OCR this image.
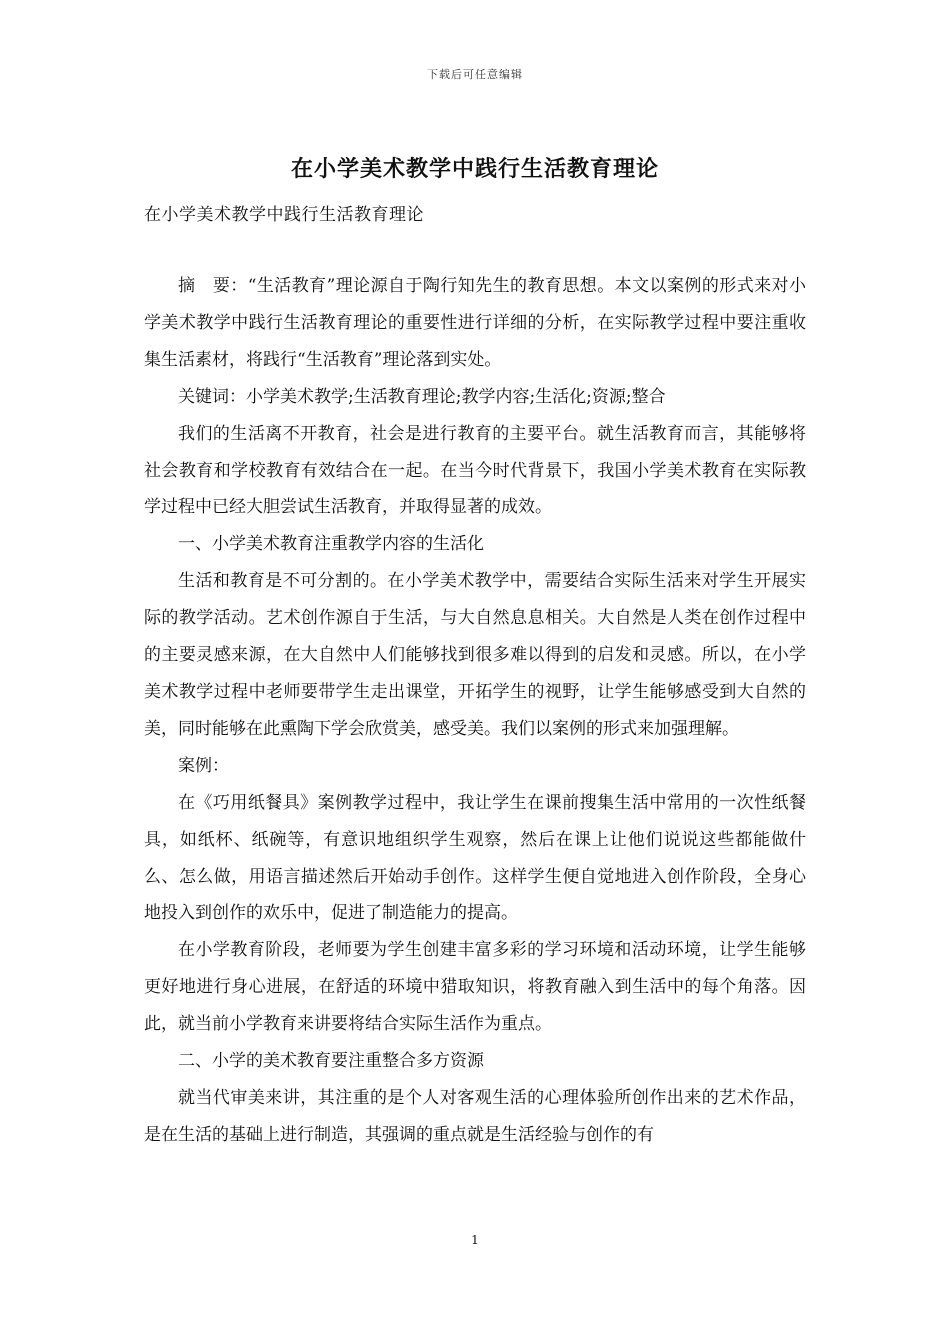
下载后可任意编辑
在小学美术教学中践行生活教育理论
在小学美术教学中践行生活教育理论

摘　要：“生活教育”理论源自于陶行知先生的教育思想。本文以案例的形式来对小学美术教学中践行生活教育理论的重要性进行详细的分析，在实际教学过程中要注重收集生活素材，将践行“生活教育”理论落到实处。

关键词：小学美术教学;生活教育理论;教学内容;生活化;资源;整合

我们的生活离不开教育，社会是进行教育的主要平台。就生活教育而言，其能够将社会教育和学校教育有效结合在一起。在当今时代背景下，我国小学美术教育在实际教学过程中已经大胆尝试生活教育，并取得显著的成效。

一、小学美术教育注重教学内容的生活化

生活和教育是不可分割的。在小学美术教学中，需要结合实际生活来对学生开展实际的教学活动。艺术创作源自于生活，与大自然息息相关。大自然是人类在创作过程中的主要灵感来源，在大自然中人们能够找到很多难以得到的启发和灵感。所以，在小学美术教学过程中老师要带学生走出课堂，开拓学生的视野，让学生能够感受到大自然的美，同时能够在此熏陶下学会欣赏美，感受美。我们以案例的形式来加强理解。

案例：

在《巧用纸餐具》案例教学过程中，我让学生在课前搜集生活中常用的一次性纸餐具，如纸杯、纸碗等，有意识地组织学生观察，然后在课上让他们说说这些都能做什么、怎么做，用语言描述然后开始动手创作。这样学生便自觉地进入创作阶段，全身心地投入到创作的欢乐中，促进了制造能力的提高。

在小学教育阶段，老师要为学生创建丰富多彩的学习环境和活动环境，让学生能够更好地进行身心进展，在舒适的环境中猎取知识，将教育融入到生活中的每个角落。因此，就当前小学教育来讲要将结合实际生活作为重点。

二、小学的美术教育要注重整合多方资源

就当代审美来讲，其注重的是个人对客观生活的心理体验所创作出来的艺术作品，是在生活的基础上进行制造，其强调的重点就是生活经验与创作的有

1
